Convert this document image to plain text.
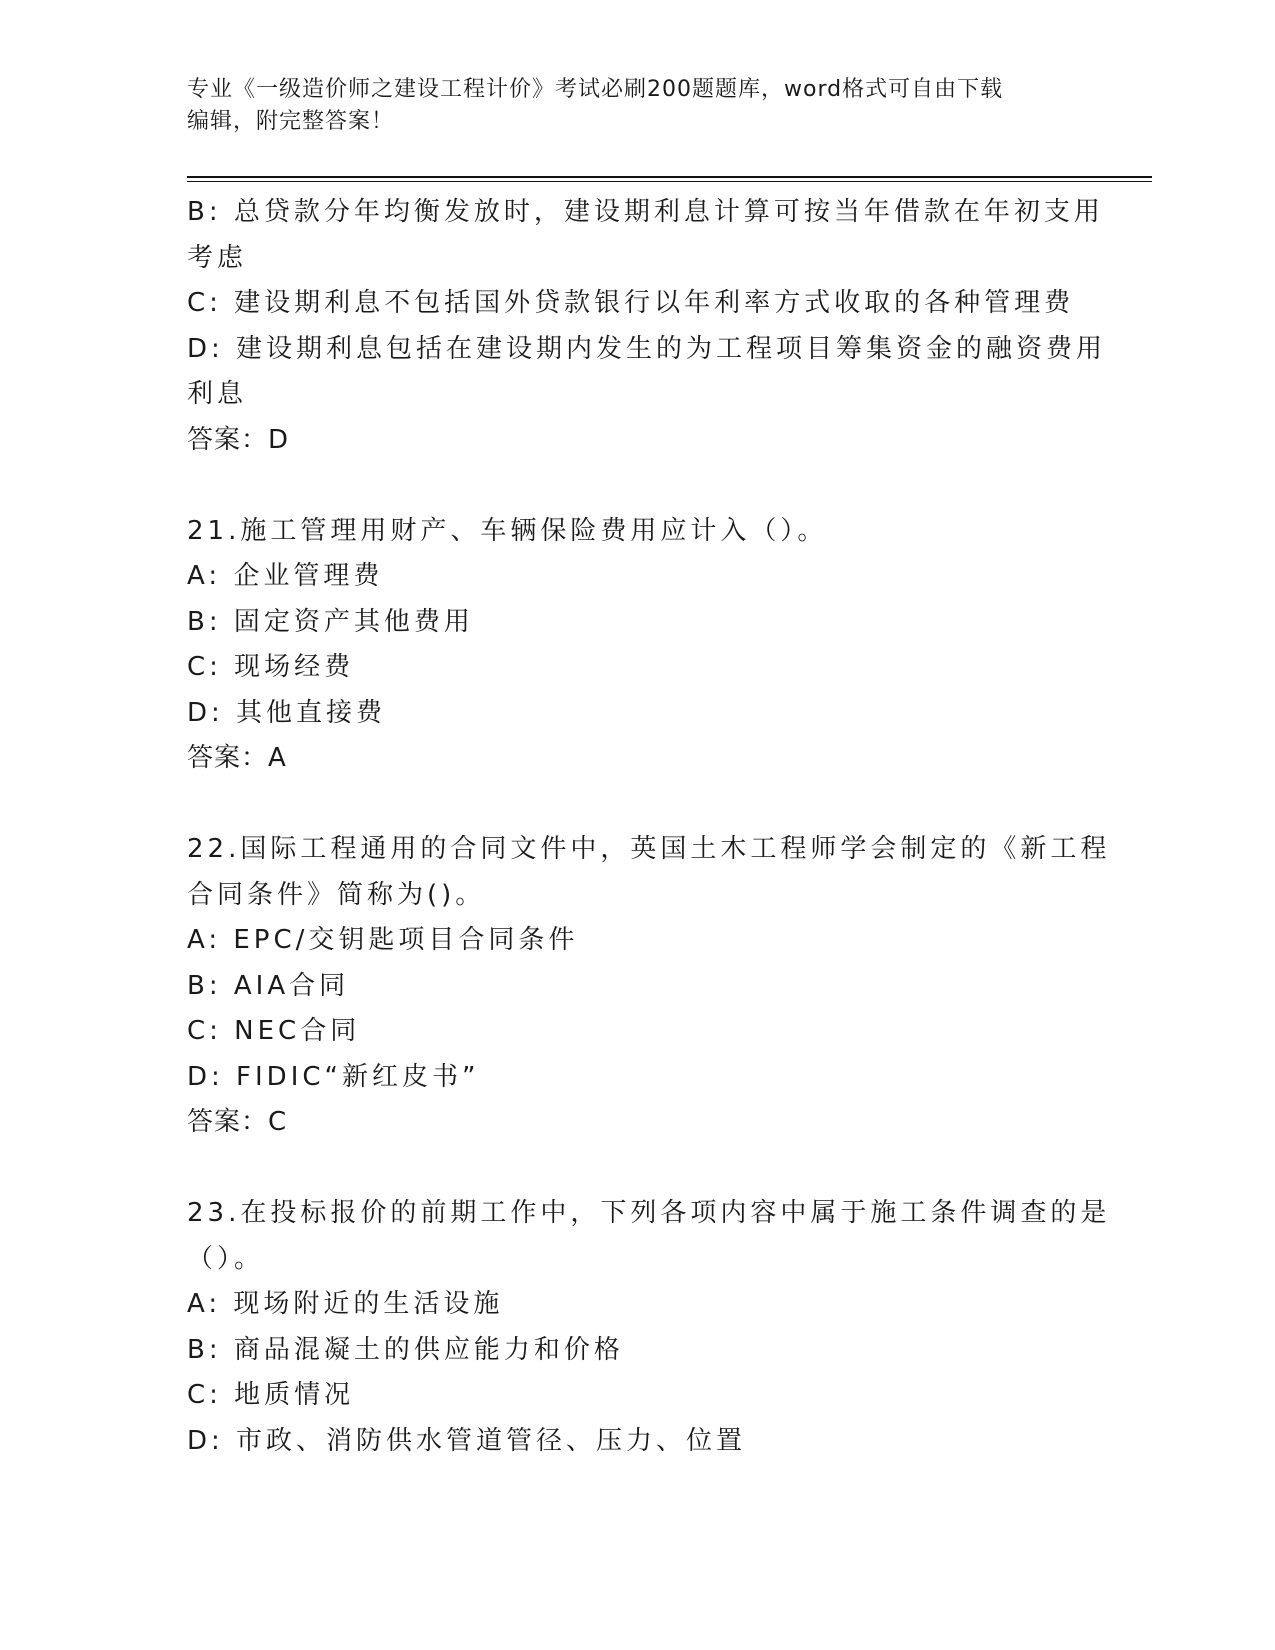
专业《一级造价师之建设工程计价》考试必刷200题题库，word格式可自由下载
编辑，附完整答案！
B: 总贷款分年均衡发放时，建设期利息计算可按当年借款在年初支用
考虑
C: 建设期利息不包括国外贷款银行以年利率方式收取的各种管理费
D: 建设期利息包括在建设期内发生的为工程项目筹集资金的融资费用
利息
答案：D
21.施工管理用财产、车辆保险费用应计入（）。
A: 企业管理费
B: 固定资产其他费用
C: 现场经费
D: 其他直接费
答案：A
22.国际工程通用的合同文件中，英国土木工程师学会制定的《新工程
合同条件》简称为()。
A: EPC/交钥匙项目合同条件
B: AIA合同
C: NEC合同
D: FIDIC“新红皮书”
答案：C
23.在投标报价的前期工作中，下列各项内容中属于施工条件调查的是
（）。
A: 现场附近的生活设施
B: 商品混凝土的供应能力和价格
C: 地质情况
D: 市政、消防供水管道管径、压力、位置
